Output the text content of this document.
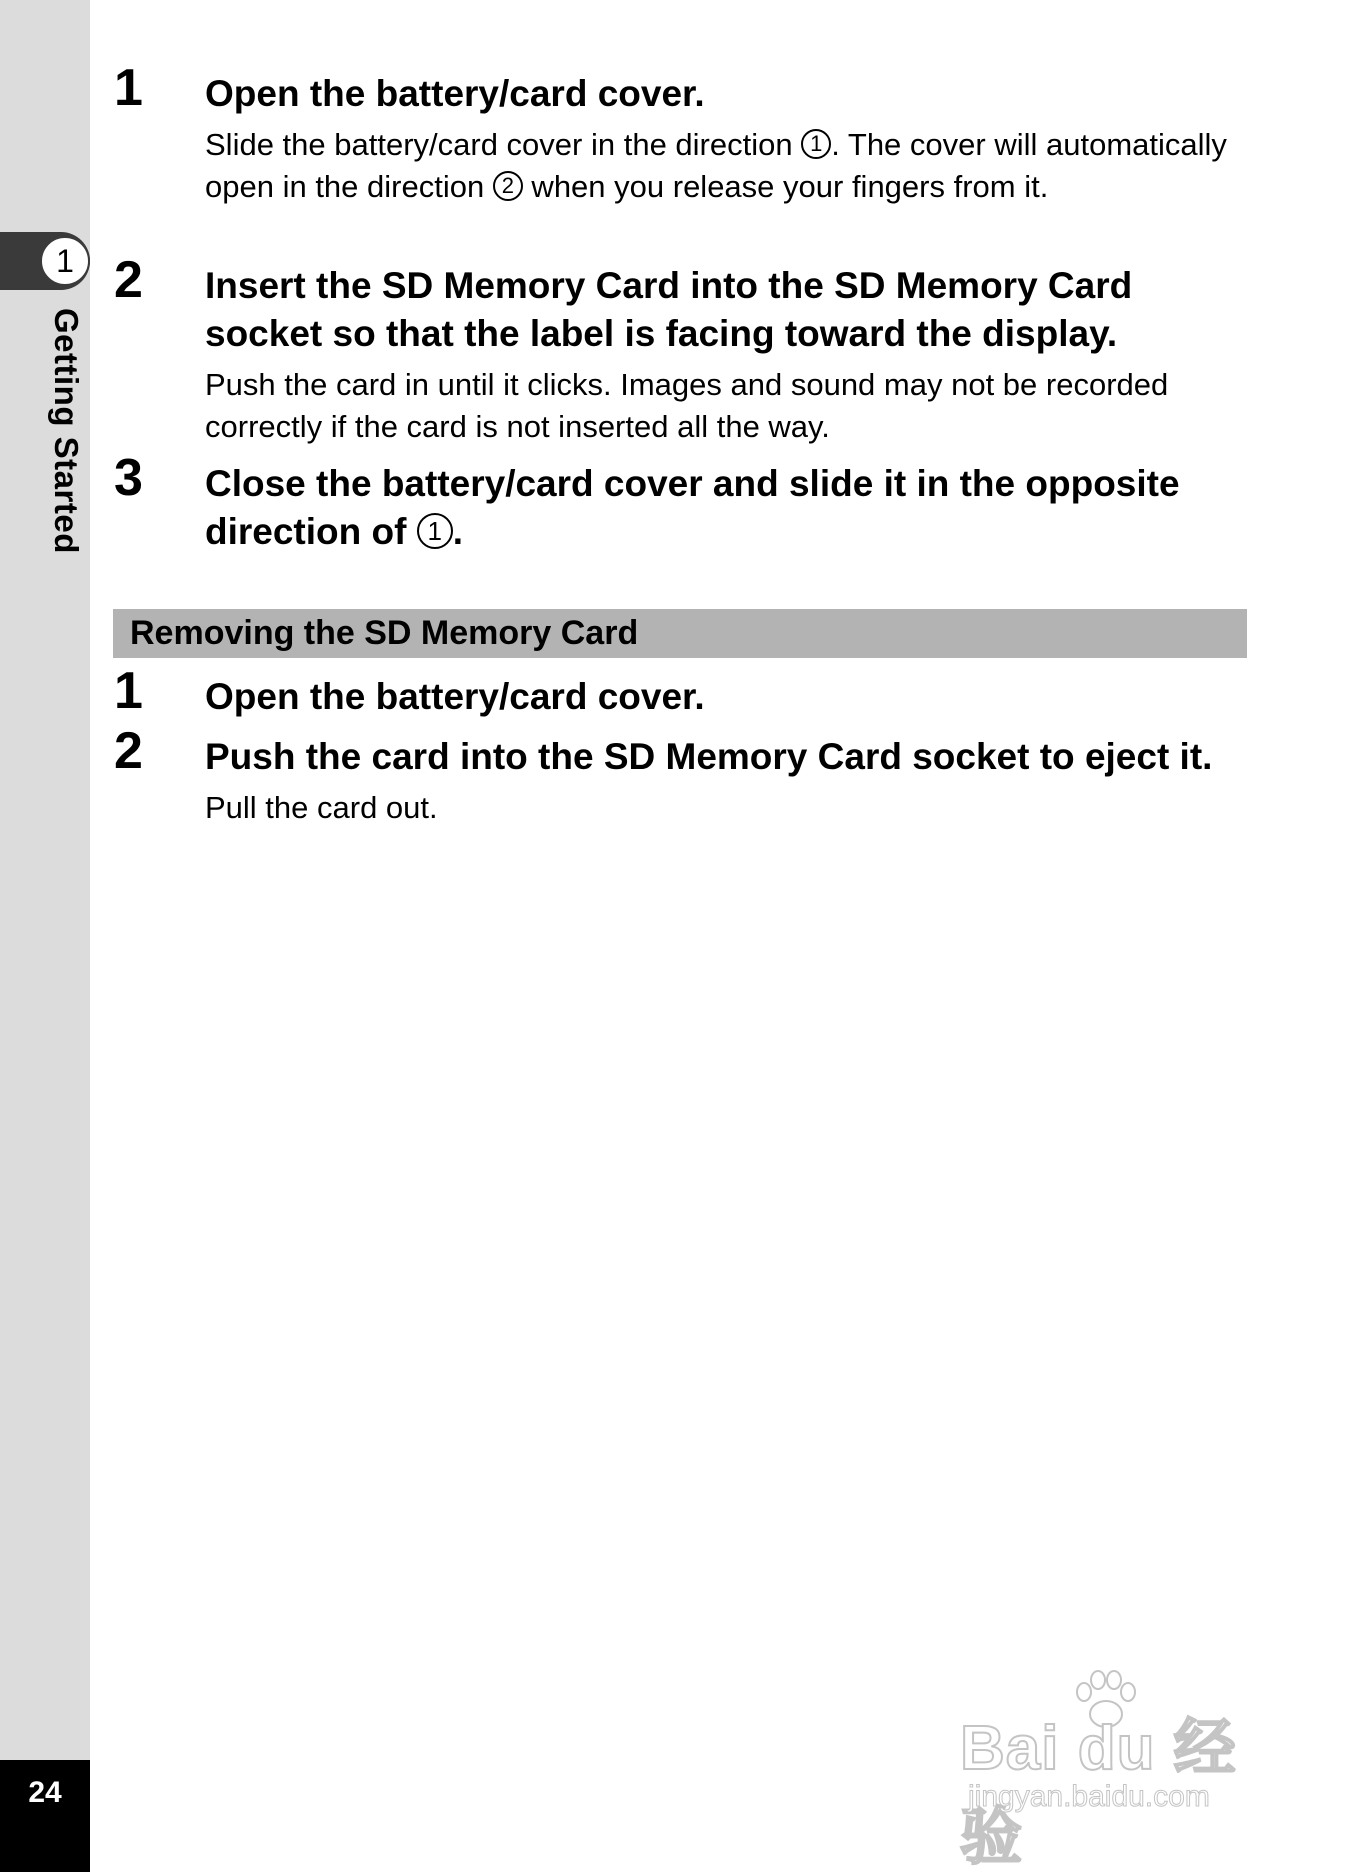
1
Getting Started
24
1 Open the battery/card cover.
Slide the battery/card cover in the direction 1 . The cover will automatically open in the direction 2 when you release your fingers from it.
2 Insert the SD Memory Card into the SD Memory Card socket so that the label is facing toward the display.
Push the card in until it clicks. Images and sound may not be recorded correctly if the card is not inserted all the way.
3 Close the battery/card cover and slide it in the opposite direction of 1 .
Removing the SD Memory Card
1 Open the battery/card cover.
2 Push the card into the SD Memory Card socket to eject it.
Pull the card out.
Bai du 经验
jingyan.baidu.com
